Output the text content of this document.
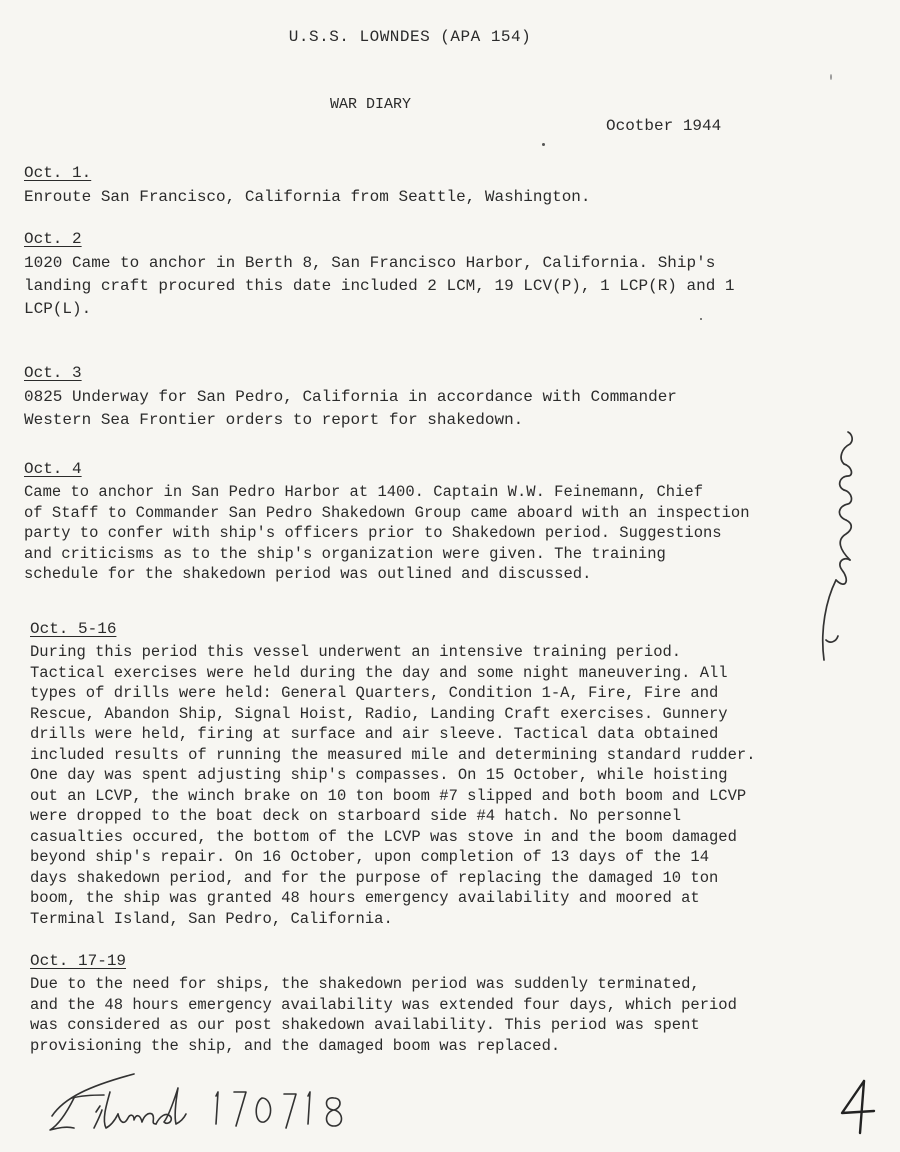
U.S.S. LOWNDES (APA 154)
WAR DIARY
Ocotber 1944
Oct. 1.
Enroute San Francisco, California from Seattle, Washington.
Oct. 2
1020 Came to anchor in Berth 8, San Francisco Harbor, California. Ship's
landing craft procured this date included 2 LCM, 19 LCV(P), 1 LCP(R) and 1
LCP(L).
Oct. 3
0825 Underway for San Pedro, California in accordance with Commander
Western Sea Frontier orders to report for shakedown.
Oct. 4
Came to anchor in San Pedro Harbor at 1400. Captain W.W. Feinemann, Chief
of Staff to Commander San Pedro Shakedown Group came aboard with an inspection
party to confer with ship's officers prior to Shakedown period. Suggestions
and criticisms as to the ship's organization were given. The training
schedule for the shakedown period was outlined and discussed.
Oct. 5-16
During this period this vessel underwent an intensive training period.
Tactical exercises were held during the day and some night maneuvering. All
types of drills were held: General Quarters, Condition 1-A, Fire, Fire and
Rescue, Abandon Ship, Signal Hoist, Radio, Landing Craft exercises. Gunnery
drills were held, firing at surface and air sleeve. Tactical data obtained
included results of running the measured mile and determining standard rudder.
One day was spent adjusting ship's compasses. On 15 October, while hoisting
out an LCVP, the winch brake on 10 ton boom #7 slipped and both boom and LCVP
were dropped to the boat deck on starboard side #4 hatch. No personnel
casualties occured, the bottom of the LCVP was stove in and the boom damaged
beyond ship's repair. On 16 October, upon completion of 13 days of the 14
days shakedown period, and for the purpose of replacing the damaged 10 ton
boom, the ship was granted 48 hours emergency availability and moored at
Terminal Island, San Pedro, California.
Oct. 17-19
Due to the need for ships, the shakedown period was suddenly terminated,
and the 48 hours emergency availability was extended four days, which period
was considered as our post shakedown availability. This period was spent
provisioning the ship, and the damaged boom was replaced.
